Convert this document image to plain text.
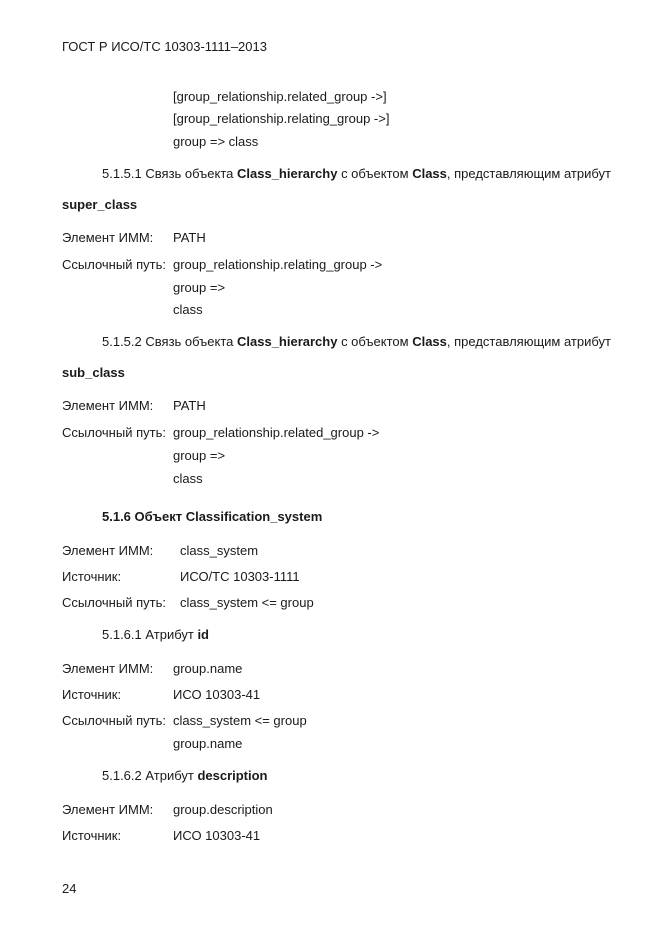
ГОСТ Р ИСО/ТС 10303-1111–2013
[group_relationship.related_group ->]
[group_relationship.relating_group ->]
group => class
5.1.5.1 Связь объекта Class_hierarchy с объектом Class, представляющим атрибут
super_class
Элемент ИММ: PATH
Ссылочный путь: group_relationship.relating_group ->
group =>
class
5.1.5.2 Связь объекта Class_hierarchy с объектом Class, представляющим атрибут
sub_class
Элемент ИММ: PATH
Ссылочный путь: group_relationship.related_group ->
group =>
class
5.1.6 Объект Classification_system
Элемент ИММ: class_system
Источник:	ИСО/ТС 10303-1111
Ссылочный путь: class_system <= group
5.1.6.1 Атрибут id
Элемент ИММ: group.name
Источник:	ИСО 10303-41
Ссылочный путь: class_system <= group
group.name
5.1.6.2 Атрибут description
Элемент ИММ: group.description
Источник:	ИСО 10303-41
24
